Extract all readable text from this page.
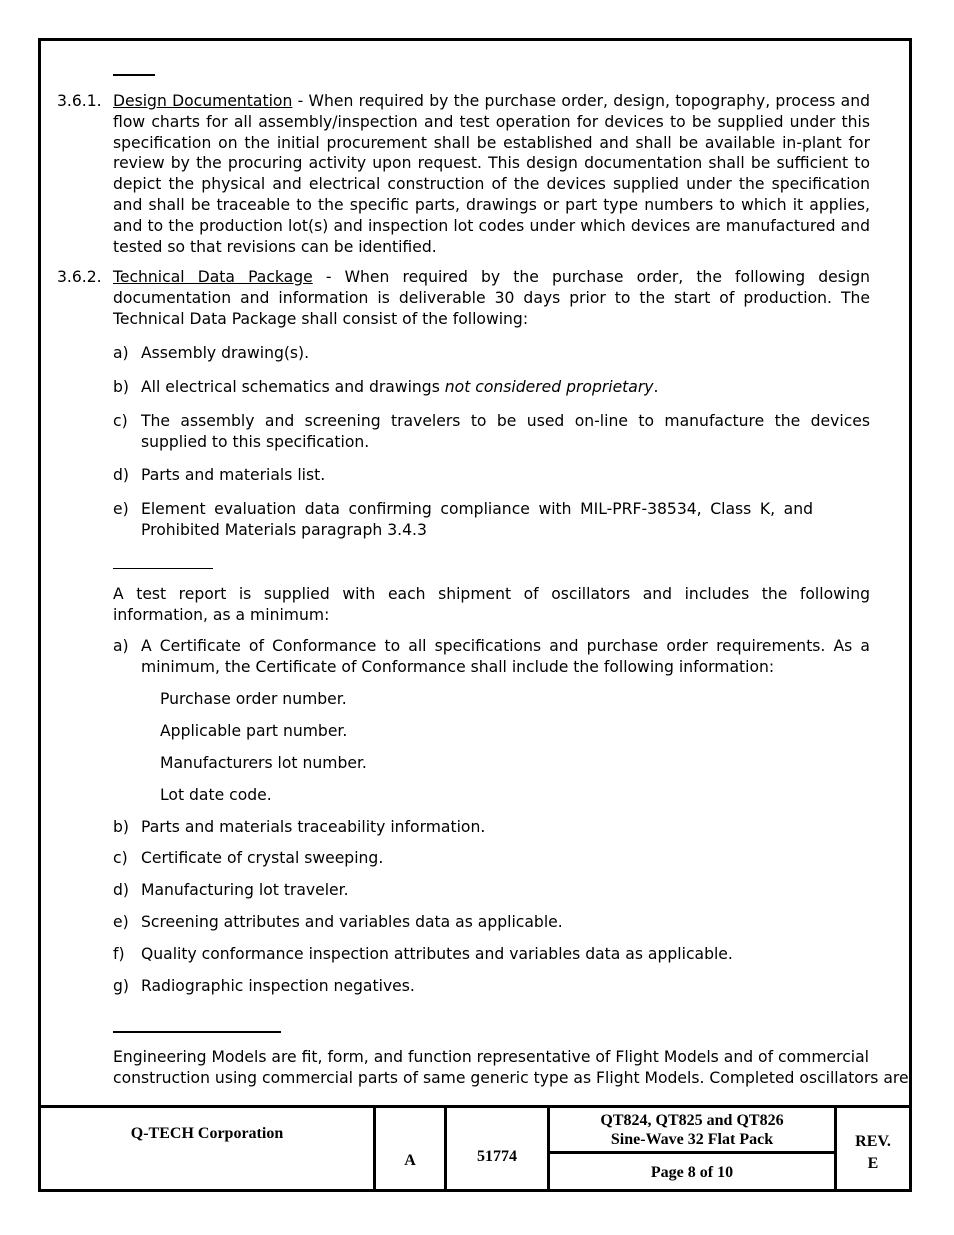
3.6.1. Design Documentation - When required by the purchase order, design, topography, process and flow charts for all assembly/inspection and test operation for devices to be supplied under this specification on the initial procurement shall be established and shall be available in-plant for review by the procuring activity upon request. This design documentation shall be sufficient to depict the physical and electrical construction of the devices supplied under the specification and shall be traceable to the specific parts, drawings or part type numbers to which it applies, and to the production lot(s) and inspection lot codes under which devices are manufactured and tested so that revisions can be identified.
3.6.2. Technical Data Package - When required by the purchase order, the following design documentation and information is deliverable 30 days prior to the start of production. The Technical Data Package shall consist of the following:
a) Assembly drawing(s).
b) All electrical schematics and drawings not considered proprietary.
c) The assembly and screening travelers to be used on-line to manufacture the devices supplied to this specification.
d) Parts and materials list.
e) Element evaluation data confirming compliance with MIL-PRF-38534, Class K, and Prohibited Materials paragraph 3.4.3
A test report is supplied with each shipment of oscillators and includes the following information, as a minimum:
a) A Certificate of Conformance to all specifications and purchase order requirements. As a minimum, the Certificate of Conformance shall include the following information:
Purchase order number.
Applicable part number.
Manufacturers lot number.
Lot date code.
b) Parts and materials traceability information.
c) Certificate of crystal sweeping.
d) Manufacturing lot traveler.
e) Screening attributes and variables data as applicable.
f) Quality conformance inspection attributes and variables data as applicable.
g) Radiographic inspection negatives.
Engineering Models are fit, form, and function representative of Flight Models and of commercial
construction using commercial parts of same generic type as Flight Models. Completed oscillators are
Q-TECH Corporation
A	51774
QT824, QT825 and QT826
Sine-Wave 32 Flat Pack
Page 8 of 10
REV.
E
